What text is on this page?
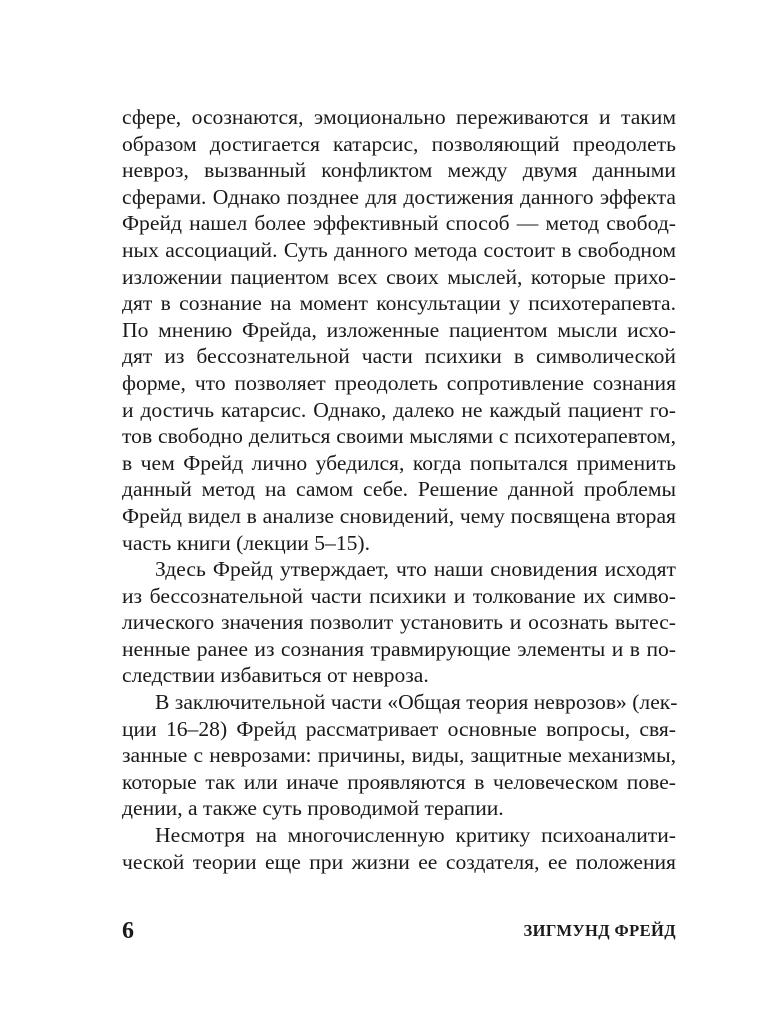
сфере, осознаются, эмоционально переживаются и таким
образом достигается катарсис, позволяющий преодолеть
невроз, вызванный конфликтом между двумя данными
сферами. Однако позднее для достижения данного эффекта
Фрейд нашел более эффективный способ — метод свобод-
ных ассоциаций. Суть данного метода состоит в свободном
изложении пациентом всех своих мыслей, которые прихо-
дят в сознание на момент консультации у психотерапевта.
По мнению Фрейда, изложенные пациентом мысли исхо-
дят из бессознательной части психики в символической
форме, что позволяет преодолеть сопротивление сознания
и достичь катарсис. Однако, далеко не каждый пациент го-
тов свободно делиться своими мыслями с психотерапевтом,
в чем Фрейд лично убедился, когда попытался применить
данный метод на самом себе. Решение данной проблемы
Фрейд видел в анализе сновидений, чему посвящена вторая
часть книги (лекции 5–15).
Здесь Фрейд утверждает, что наши сновидения исходят
из бессознательной части психики и толкование их симво-
лического значения позволит установить и осознать вытес-
ненные ранее из сознания травмирующие элементы и в по-
следствии избавиться от невроза.
В заключительной части «Общая теория неврозов» (лек-
ции 16–28) Фрейд рассматривает основные вопросы, свя-
занные с неврозами: причины, виды, защитные механизмы,
которые так или иначе проявляются в человеческом пове-
дении, а также суть проводимой терапии.
Несмотря на многочисленную критику психоаналити-
ческой теории еще при жизни ее создателя, ее положения
6	ЗИГМУНД ФРЕЙД
